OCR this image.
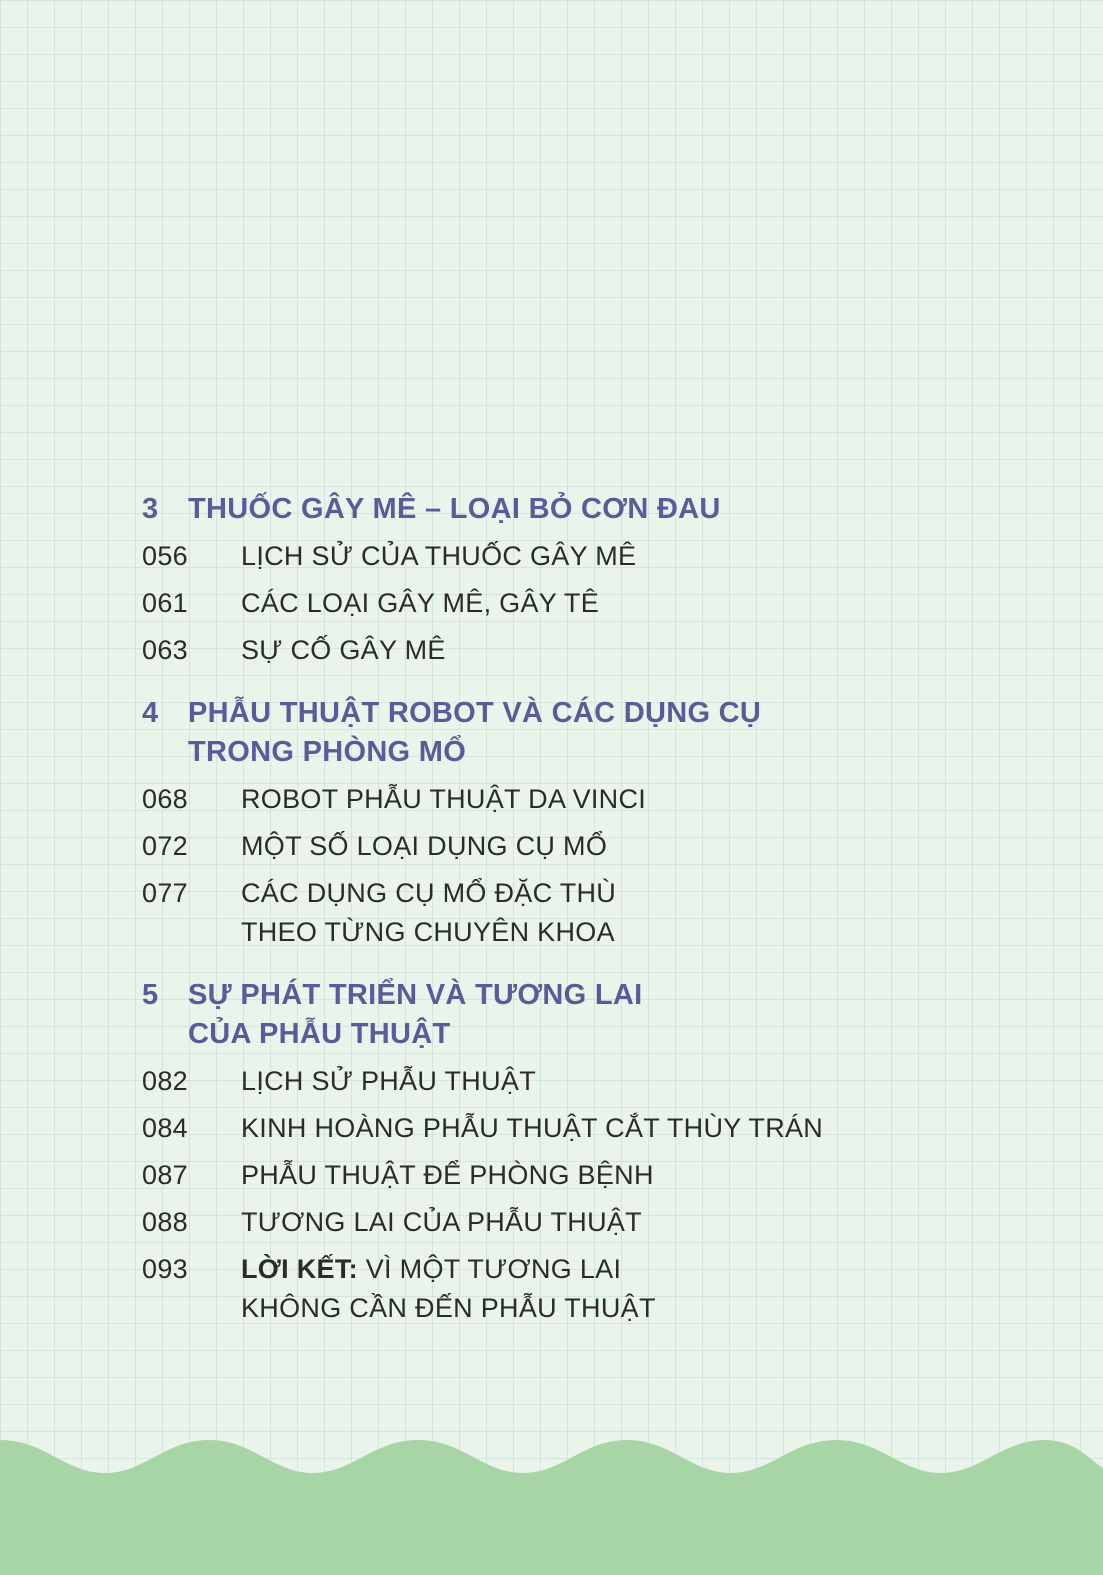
3	THUỐC GÂY MÊ – LOẠI BỎ CƠN ĐAU
056	LỊCH SỬ CỦA THUỐC GÂY MÊ
061	CÁC LOẠI GÂY MÊ, GÂY TÊ
063	SỰ CỐ GÂY MÊ
4	PHẪU THUẬT ROBOT VÀ CÁC DỤNG CỤ
TRONG PHÒNG MỔ
068	ROBOT PHẪU THUẬT DA VINCI
072	MỘT SỐ LOẠI DỤNG CỤ MỔ
077	CÁC DỤNG CỤ MỔ ĐẶC THÙ
THEO TỪNG CHUYÊN KHOA
5	SỰ PHÁT TRIỂN VÀ TƯƠNG LAI
CỦA PHẪU THUẬT
082	LỊCH SỬ PHẪU THUẬT
084	KINH HOÀNG PHẪU THUẬT CẮT THÙY TRÁN
087	PHẪU THUẬT ĐỂ PHÒNG BỆNH
088	TƯƠNG LAI CỦA PHẪU THUẬT
093	LỜI KẾT: VÌ MỘT TƯƠNG LAI
KHÔNG CẦN ĐẾN PHẪU THUẬT
